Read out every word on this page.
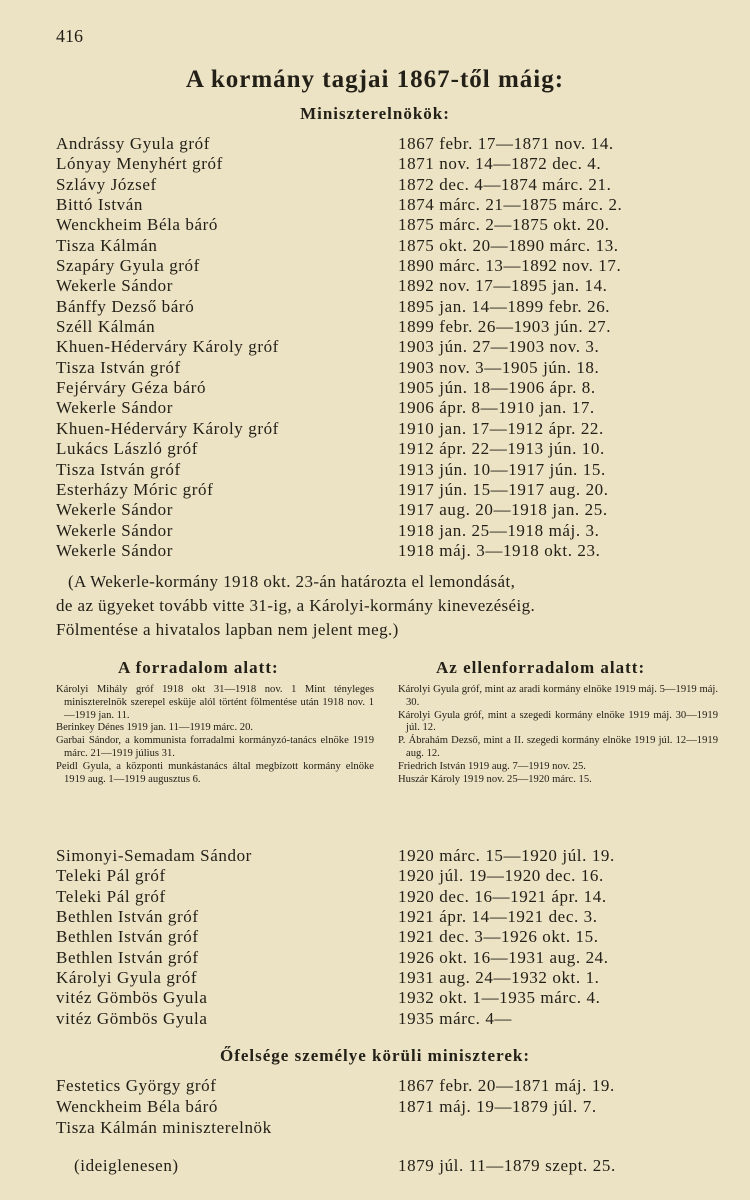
416
A kormány tagjai 1867-től máig:
Miniszterelnökök:
Andrássy Gyula gróf	1867 febr. 17—1871 nov. 14.
Lónyay Menyhért gróf	1871 nov. 14—1872 dec. 4.
Szlávy József	1872 dec. 4—1874 márc. 21.
Bittó István	1874 márc. 21—1875 márc. 2.
Wenckheim Béla báró	1875 márc. 2—1875 okt. 20.
Tisza Kálmán	1875 okt. 20—1890 márc. 13.
Szapáry Gyula gróf	1890 márc. 13—1892 nov. 17.
Wekerle Sándor	1892 nov. 17—1895 jan. 14.
Bánffy Dezső báró	1895 jan. 14—1899 febr. 26.
Széll Kálmán	1899 febr. 26—1903 jún. 27.
Khuen-Héderváry Károly gróf	1903 jún. 27—1903 nov. 3.
Tisza István gróf	1903 nov. 3—1905 jún. 18.
Fejérváry Géza báró	1905 jún. 18—1906 ápr. 8.
Wekerle Sándor	1906 ápr. 8—1910 jan. 17.
Khuen-Héderváry Károly gróf	1910 jan. 17—1912 ápr. 22.
Lukács László gróf	1912 ápr. 22—1913 jún. 10.
Tisza István gróf	1913 jún. 10—1917 jún. 15.
Esterházy Móric gróf	1917 jún. 15—1917 aug. 20.
Wekerle Sándor	1917 aug. 20—1918 jan. 25.
Wekerle Sándor	1918 jan. 25—1918 máj. 3.
Wekerle Sándor	1918 máj. 3—1918 okt. 23.

(A Wekerle-kormány 1918 okt. 23-án határozta el lemondását,

de az ügyeket tovább vitte 31-ig, a Károlyi-kormány kinevezéséig.

Fölmentése a hivatalos lapban nem jelent meg.)

A forradalom alatt:	Az ellenforradalom alatt:

Károlyi Mihály gróf 1918 okt 31—1918 nov. 1 Mint tényleges miniszterelnök szerepel esküje alól történt fölmentése után 1918 nov. 1—1919 jan. 11.

Berinkey Dénes 1919 jan. 11—1919 márc. 20.

Garbai Sándor, a kommunista forradalmi kormányzó-tanács elnöke 1919 márc. 21—1919 július 31.

Peidl Gyula, a központi munkástanács által megbízott kormány elnöke 1919 aug. 1—1919 augusztus 6.

Károlyi Gyula gróf, mint az aradi kormány elnöke 1919 máj. 5—1919 máj. 30.

Károlyi Gyula gróf, mint a szegedi kormány elnöke 1919 máj. 30—1919 júl. 12.

P. Ábrahám Dezső, mint a II. szegedi kormány elnöke 1919 júl. 12—1919 aug. 12.

Friedrich István 1919 aug. 7—1919 nov. 25.

Huszár Károly 1919 nov. 25—1920 márc. 15.

Simonyi-Semadam Sándor	1920 márc. 15—1920 júl. 19.
Teleki Pál gróf	1920 júl. 19—1920 dec. 16.
Teleki Pál gróf	1920 dec. 16—1921 ápr. 14.
Bethlen István gróf	1921 ápr. 14—1921 dec. 3.
Bethlen István gróf	1921 dec. 3—1926 okt. 15.
Bethlen István gróf	1926 okt. 16—1931 aug. 24.
Károlyi Gyula gróf	1931 aug. 24—1932 okt. 1.
vitéz Gömbös Gyula	1932 okt. 1—1935 márc. 4.
vitéz Gömbös Gyula	1935 márc. 4—
Őfelsége személye körüli miniszterek:
Festetics György gróf	1867 febr. 20—1871 máj. 19.
Wenckheim Béla báró	1871 máj. 19—1879 júl. 7.
Tisza Kálmán miniszterelnök
(ideiglenesen)	1879 júl. 11—1879 szept. 25.
